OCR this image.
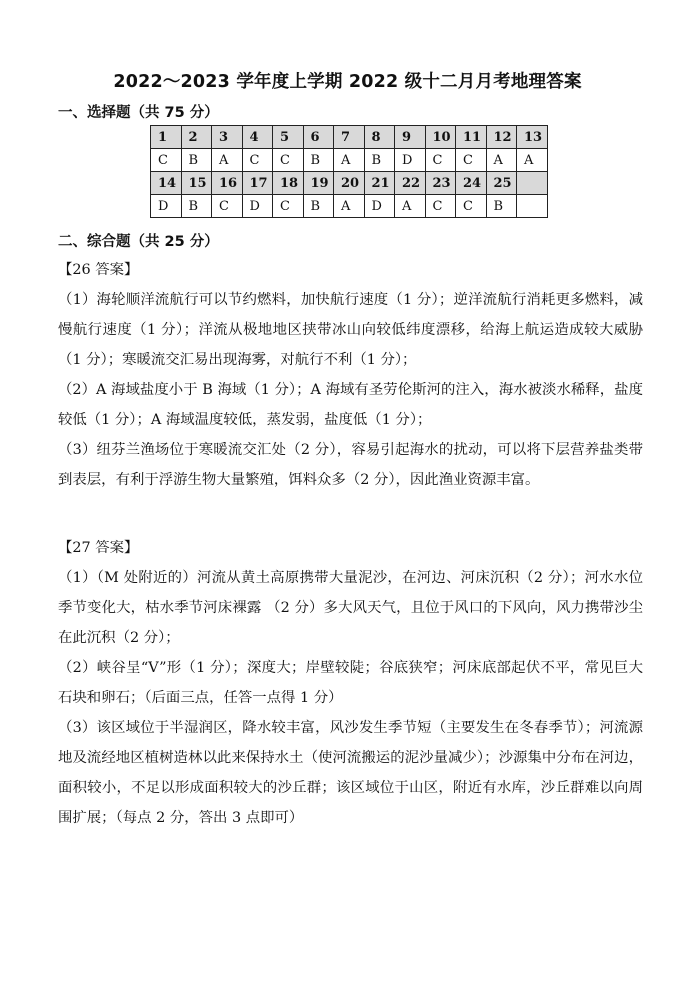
2022～2023 学年度上学期 2022 级十二月月考地理答案
一、选择题（共 75 分）
1	2	3	4	5	6	7	8	9	10	11	12	13
C	B	A	C	C	B	A	B	D	C	C	A	A
14	15	16	17	18	19	20	21	22	23	24	25	
D	B	C	D	C	B	A	D	A	C	C	B	
二、综合题（共 25 分）
【26 答案】
（1）海轮顺洋流航行可以节约燃料，加快航行速度（1 分）；逆洋流航行消耗更多燃料，减慢航行速度（1 分）；洋流从极地地区挟带冰山向较低纬度漂移，给海上航运造成较大威胁（1 分）；寒暖流交汇易出现海雾，对航行不利（1 分）；
（2）A 海域盐度小于 B 海域（1 分）；A 海域有圣劳伦斯河的注入，海水被淡水稀释，盐度较低（1 分）；A 海域温度较低，蒸发弱，盐度低（1 分）；
（3）纽芬兰渔场位于寒暖流交汇处（2 分），容易引起海水的扰动，可以将下层营养盐类带到表层，有利于浮游生物大量繁殖，饵料众多（2 分），因此渔业资源丰富。
【27 答案】
（1）（M 处附近的）河流从黄土高原携带大量泥沙，在河边、河床沉积（2 分）；河水水位季节变化大，枯水季节河床裸露 （2 分）多大风天气，且位于风口的下风向，风力携带沙尘在此沉积（2 分）；
（2）峡谷呈“V”形（1 分）；深度大；岸壁较陡；谷底狭窄；河床底部起伏不平，常见巨大石块和卵石；（后面三点，任答一点得 1 分）
（3）该区域位于半湿润区，降水较丰富，风沙发生季节短（主要发生在冬春季节）；河流源地及流经地区植树造林以此来保持水土（使河流搬运的泥沙量减少）；沙源集中分布在河边，面积较小，不足以形成面积较大的沙丘群；该区域位于山区，附近有水库，沙丘群难以向周围扩展；（每点 2 分，答出 3 点即可）
